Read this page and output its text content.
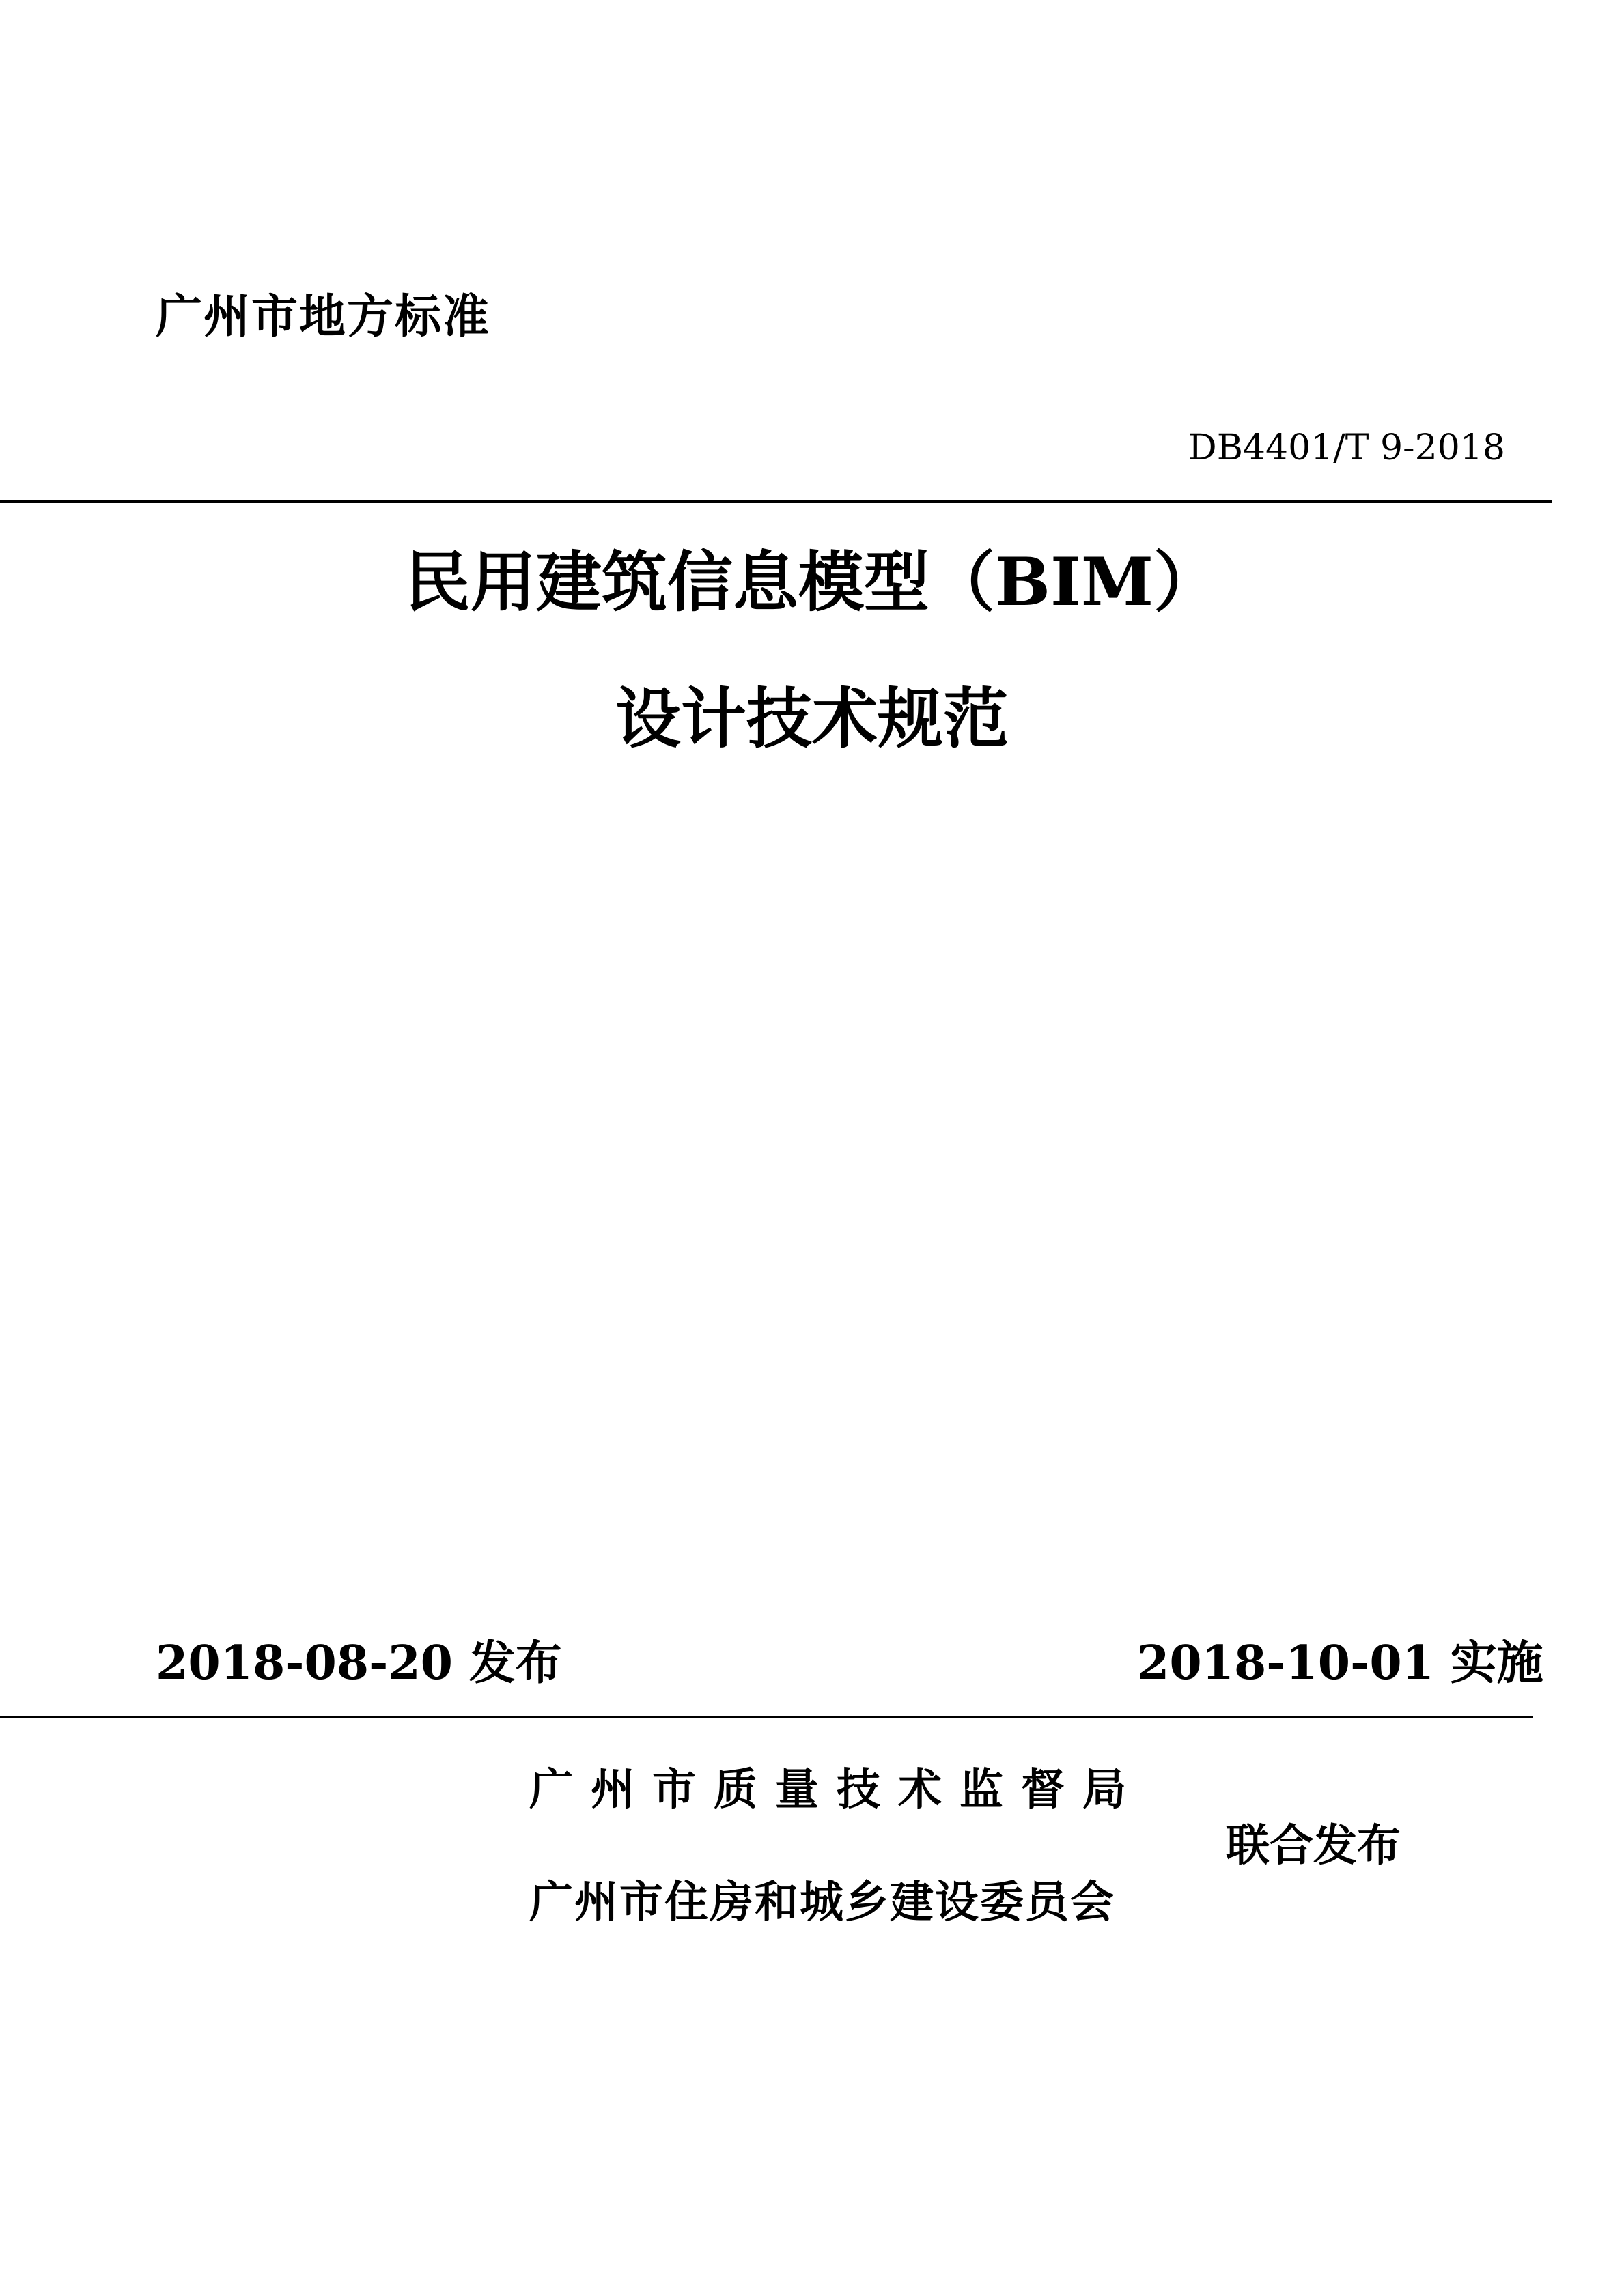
广州市地方标准
DB4401/T 9-2018
民用建筑信息模型（BIM）
设计技术规范
2018-08-20 发布	2018-10-01 实施
广州市质量技术监督局
广州市住房和城乡建设委员会
联合发布
